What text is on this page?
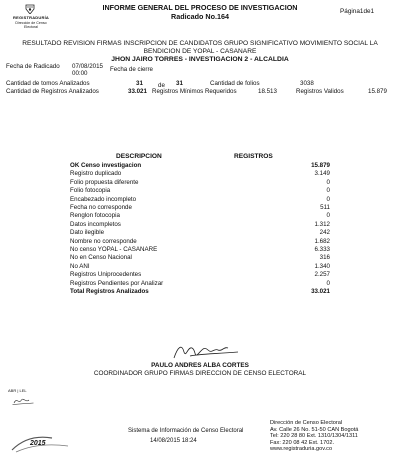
REGISTRADURÍA
Dirección de Censo Electoral
INFORME GENERAL DEL PROCESO DE INVESTIGACION
Radicado No.164
Página1de1
RESULTADO REVISION FIRMAS INSCRIPCION DE CANDIDATOS GRUPO SIGNIFICATIVO MOVIMIENTO SOCIAL LA BENDICION DE YOPAL - CASANARE
JHON JAIRO TORRES - INVESTIGACION 2 - ALCALDIA
Fecha de Radicado 07/08/2015
00:00
Fecha de cierre
Cantidad de tomos Analizados	31 de 31	Cantidad de folios	3038
Cantidad de Registros Analizados	33.021 Registros Mínimos Requeridos	18.513	Registros Validos	15.879
DESCRIPCION	REGISTROS
OK Censo investigacion	15.879
Registro duplicado	3.149
Folio propuesta diferente	0
Folio fotocopia	0
Encabezado incompleto	0
Fecha no corresponde	511
Renglon fotocopia	0
Datos incompletos	1.312
Dato ilegible	242
Nombre no corresponde	1.682
No censo YOPAL - CASANARE	6.333
No en Censo Nacional	316
No ANI	1.340
Registros Uniprocedentes	2.257
Registros Pendientes por Analizar	0
Total Registros Analizados	33.021
PAULO ANDRES ALBA CORTES
COORDINADOR GRUPO FIRMAS DIRECCION DE CENSO ELECTORAL
ABR | LEL
2015
Sistema de Información de Censo Electoral
14/08/2015 18:24
Dirección de Censo Electoral
Av. Calle 26 No. 51-50 CAN Bogotá
Tel: 220 28 80 Ext. 1310/1304/1311
Fax: 220 08 42 Ext. 1702.
www.registraduria.gov.co
